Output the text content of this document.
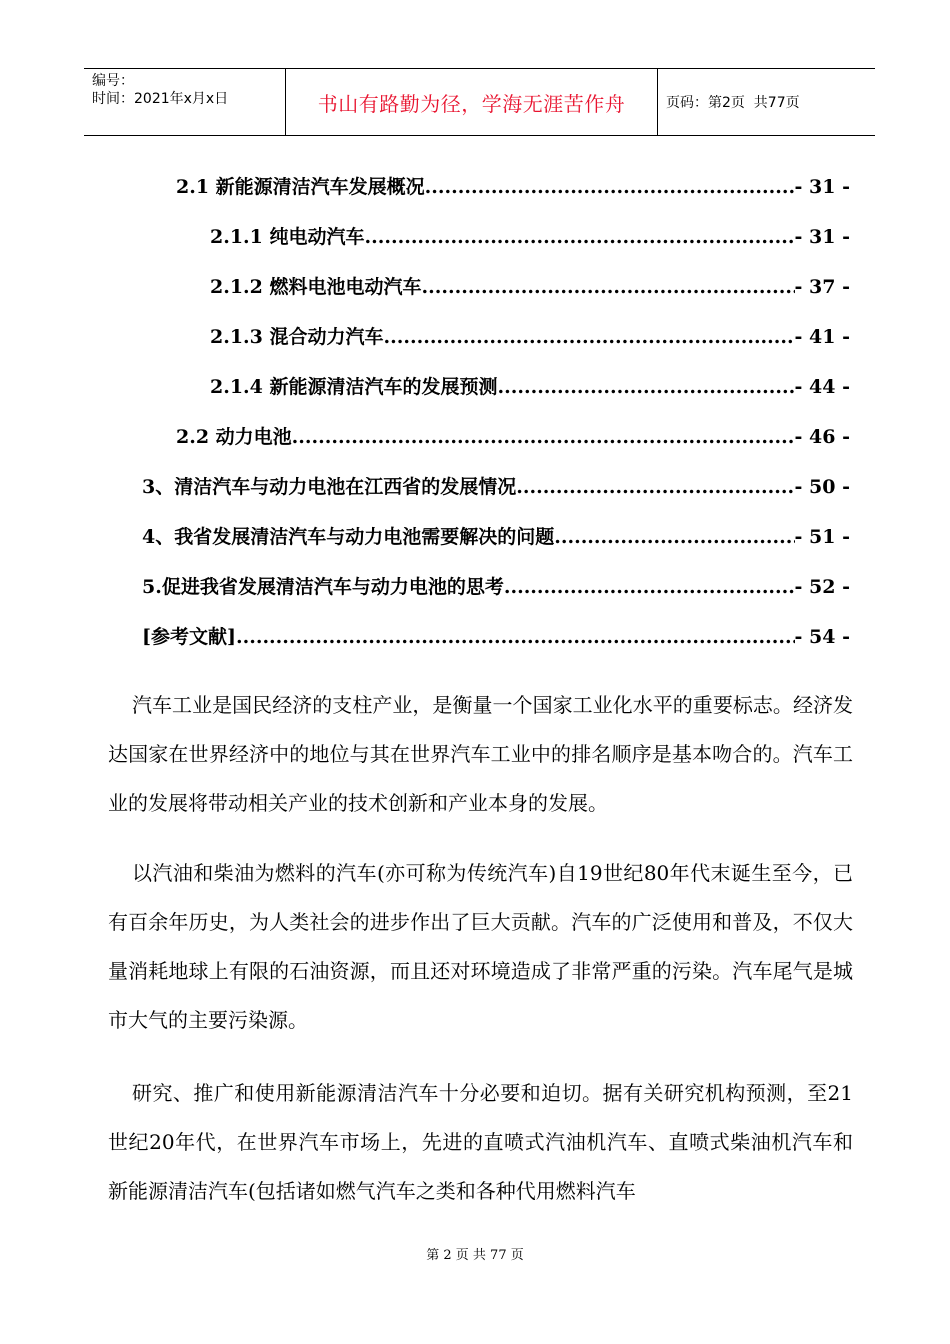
编号：
时间：2021年x月x日	书山有路勤为径，学海无涯苦作舟	页码：第2页  共77页
2.1 新能源清洁汽车发展概况 .....	- 31 -
2.1.1 纯电动汽车 .....	- 31 -
2.1.2 燃料电池电动汽车 .....	- 37 -
2.1.3 混合动力汽车 .....	- 41 -
2.1.4 新能源清洁汽车的发展预测 .....	- 44 -
2.2 动力电池 .....	- 46 -
3、清洁汽车与动力电池在江西省的发展情况 .....	- 50 -
4、我省发展清洁汽车与动力电池需要解决的问题 .....	- 51 -
5.促进我省发展清洁汽车与动力电池的思考 .....	- 52 -
[参考文献] .....	- 54 -
汽车工业是国民经济的支柱产业，是衡量一个国家工业化水平的重要标志。经济发达国家在世界经济中的地位与其在世界汽车工业中的排名顺序是基本吻合的。汽车工业的发展将带动相关产业的技术创新和产业本身的发展。
以汽油和柴油为燃料的汽车(亦可称为传统汽车)自19世纪80年代末诞生至今，已有百余年历史，为人类社会的进步作出了巨大贡献。汽车的广泛使用和普及，不仅大量消耗地球上有限的石油资源，而且还对环境造成了非常严重的污染。汽车尾气是城市大气的主要污染源。
研究、推广和使用新能源清洁汽车十分必要和迫切。据有关研究机构预测，至21世纪20年代，在世界汽车市场上，先进的直喷式汽油机汽车、直喷式柴油机汽车和新能源清洁汽车(包括诸如燃气汽车之类和各种代用燃料汽车
第 2 页 共 77 页
